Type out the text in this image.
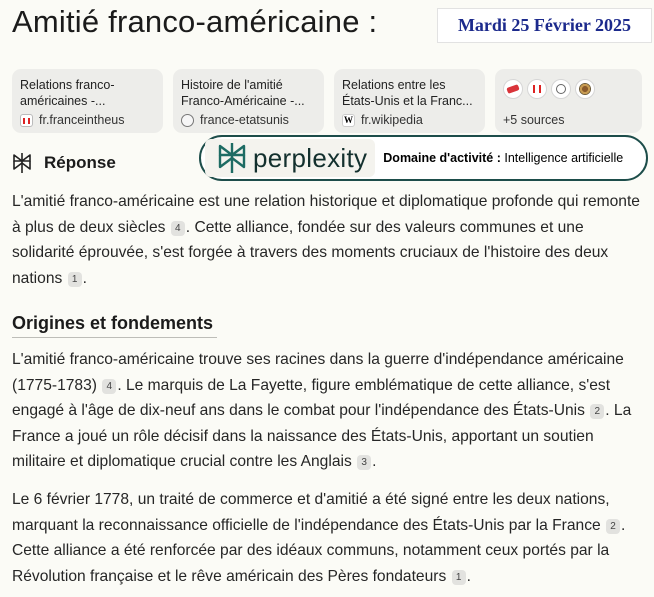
Amitié franco-américaine :	Mardi 25 Février 2025
Relations franco-américaines -...
fr.franceintheus
Histoire de l'amitié Franco-Américaine -...
france-etatsunis
Relations entre les États-Unis et la Franc...
W fr.wikipedia	+5 sources
Réponse	perplexity Domaine d'activité : Intelligence artificielle
L'amitié franco-américaine est une relation historique et diplomatique profonde qui remonte à plus de deux siècles 4 . Cette alliance, fondée sur des valeurs communes et une solidarité éprouvée, s'est forgée à travers des moments cruciaux de l'histoire des deux nations 1 .
Origines et fondements
L'amitié franco-américaine trouve ses racines dans la guerre d'indépendance américaine (1775-1783) 4 . Le marquis de La Fayette, figure emblématique de cette alliance, s'est engagé à l'âge de dix-neuf ans dans le combat pour l'indépendance des États-Unis 2 . La France a joué un rôle décisif dans la naissance des États-Unis, apportant un soutien militaire et diplomatique crucial contre les Anglais 3 .
Le 6 février 1778, un traité de commerce et d'amitié a été signé entre les deux nations, marquant la reconnaissance officielle de l'indépendance des États-Unis par la France 2 . Cette alliance a été renforcée par des idéaux communs, notamment ceux portés par la Révolution française et le rêve américain des Pères fondateurs 1 .
